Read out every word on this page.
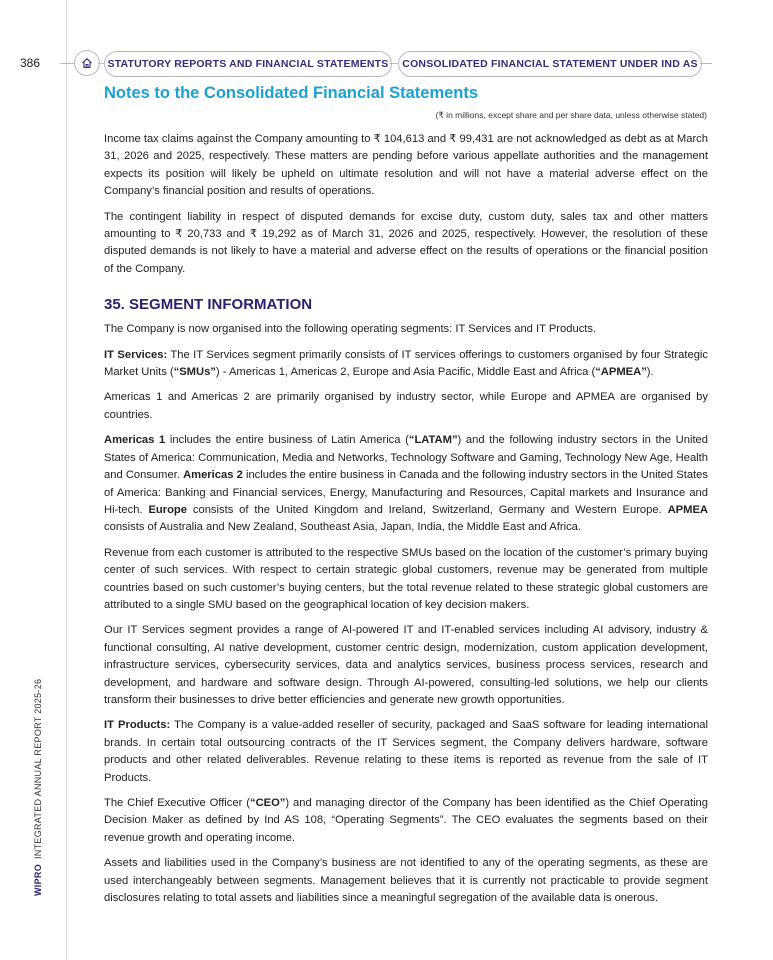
386	STATUTORY REPORTS AND FINANCIAL STATEMENTS	CONSOLIDATED FINANCIAL STATEMENT UNDER IND AS
Notes to the Consolidated Financial Statements
(₹ in millions, except share and per share data, unless otherwise stated)

Income tax claims against the Company amounting to ₹ 104,613 and ₹ 99,431 are not acknowledged as debt as at March 31, 2026 and 2025, respectively. These matters are pending before various appellate authorities and the management expects its position will likely be upheld on ultimate resolution and will not have a material adverse effect on the Company’s financial position and results of operations.

The contingent liability in respect of disputed demands for excise duty, custom duty, sales tax and other matters amounting to ₹ 20,733 and ₹ 19,292 as of March 31, 2026 and 2025, respectively. However, the resolution of these disputed demands is not likely to have a material and adverse effect on the results of operations or the financial position of the Company.

35. SEGMENT INFORMATION

The Company is now organised into the following operating segments: IT Services and IT Products.

IT Services: The IT Services segment primarily consists of IT services offerings to customers organised by four Strategic Market Units (“SMUs”) - Americas 1, Americas 2, Europe and Asia Pacific, Middle East and Africa (“APMEA”).

Americas 1 and Americas 2 are primarily organised by industry sector, while Europe and APMEA are organised by countries.

Americas 1 includes the entire business of Latin America (“LATAM”) and the following industry sectors in the United States of America: Communication, Media and Networks, Technology Software and Gaming, Technology New Age, Health and Consumer. Americas 2 includes the entire business in Canada and the following industry sectors in the United States of America: Banking and Financial services, Energy, Manufacturing and Resources, Capital markets and Insurance and Hi-tech. Europe consists of the United Kingdom and Ireland, Switzerland, Germany and Western Europe. APMEA consists of Australia and New Zealand, Southeast Asia, Japan, India, the Middle East and Africa.

Revenue from each customer is attributed to the respective SMUs based on the location of the customer’s primary buying center of such services. With respect to certain strategic global customers, revenue may be generated from multiple countries based on such customer’s buying centers, but the total revenue related to these strategic global customers are attributed to a single SMU based on the geographical location of key decision makers.

Our IT Services segment provides a range of AI-powered IT and IT-enabled services including AI advisory, industry & functional consulting, AI native development, customer centric design, modernization, custom application development, infrastructure services, cybersecurity services, data and analytics services, business process services, research and development, and hardware and software design. Through AI-powered, consulting-led solutions, we help our clients transform their businesses to drive better efficiencies and generate new growth opportunities.

IT Products: The Company is a value-added reseller of security, packaged and SaaS software for leading international brands. In certain total outsourcing contracts of the IT Services segment, the Company delivers hardware, software products and other related deliverables. Revenue relating to these items is reported as revenue from the sale of IT Products.

The Chief Executive Officer (“CEO”) and managing director of the Company has been identified as the Chief Operating Decision Maker as defined by Ind AS 108, “Operating Segments”. The CEO evaluates the segments based on their revenue growth and operating income.

Assets and liabilities used in the Company’s business are not identified to any of the operating segments, as these are used interchangeably between segments. Management believes that it is currently not practicable to provide segment disclosures relating to total assets and liabilities since a meaningful segregation of the available data is onerous.

WIPROINTEGRATED ANNUAL REPORT 2025-26
